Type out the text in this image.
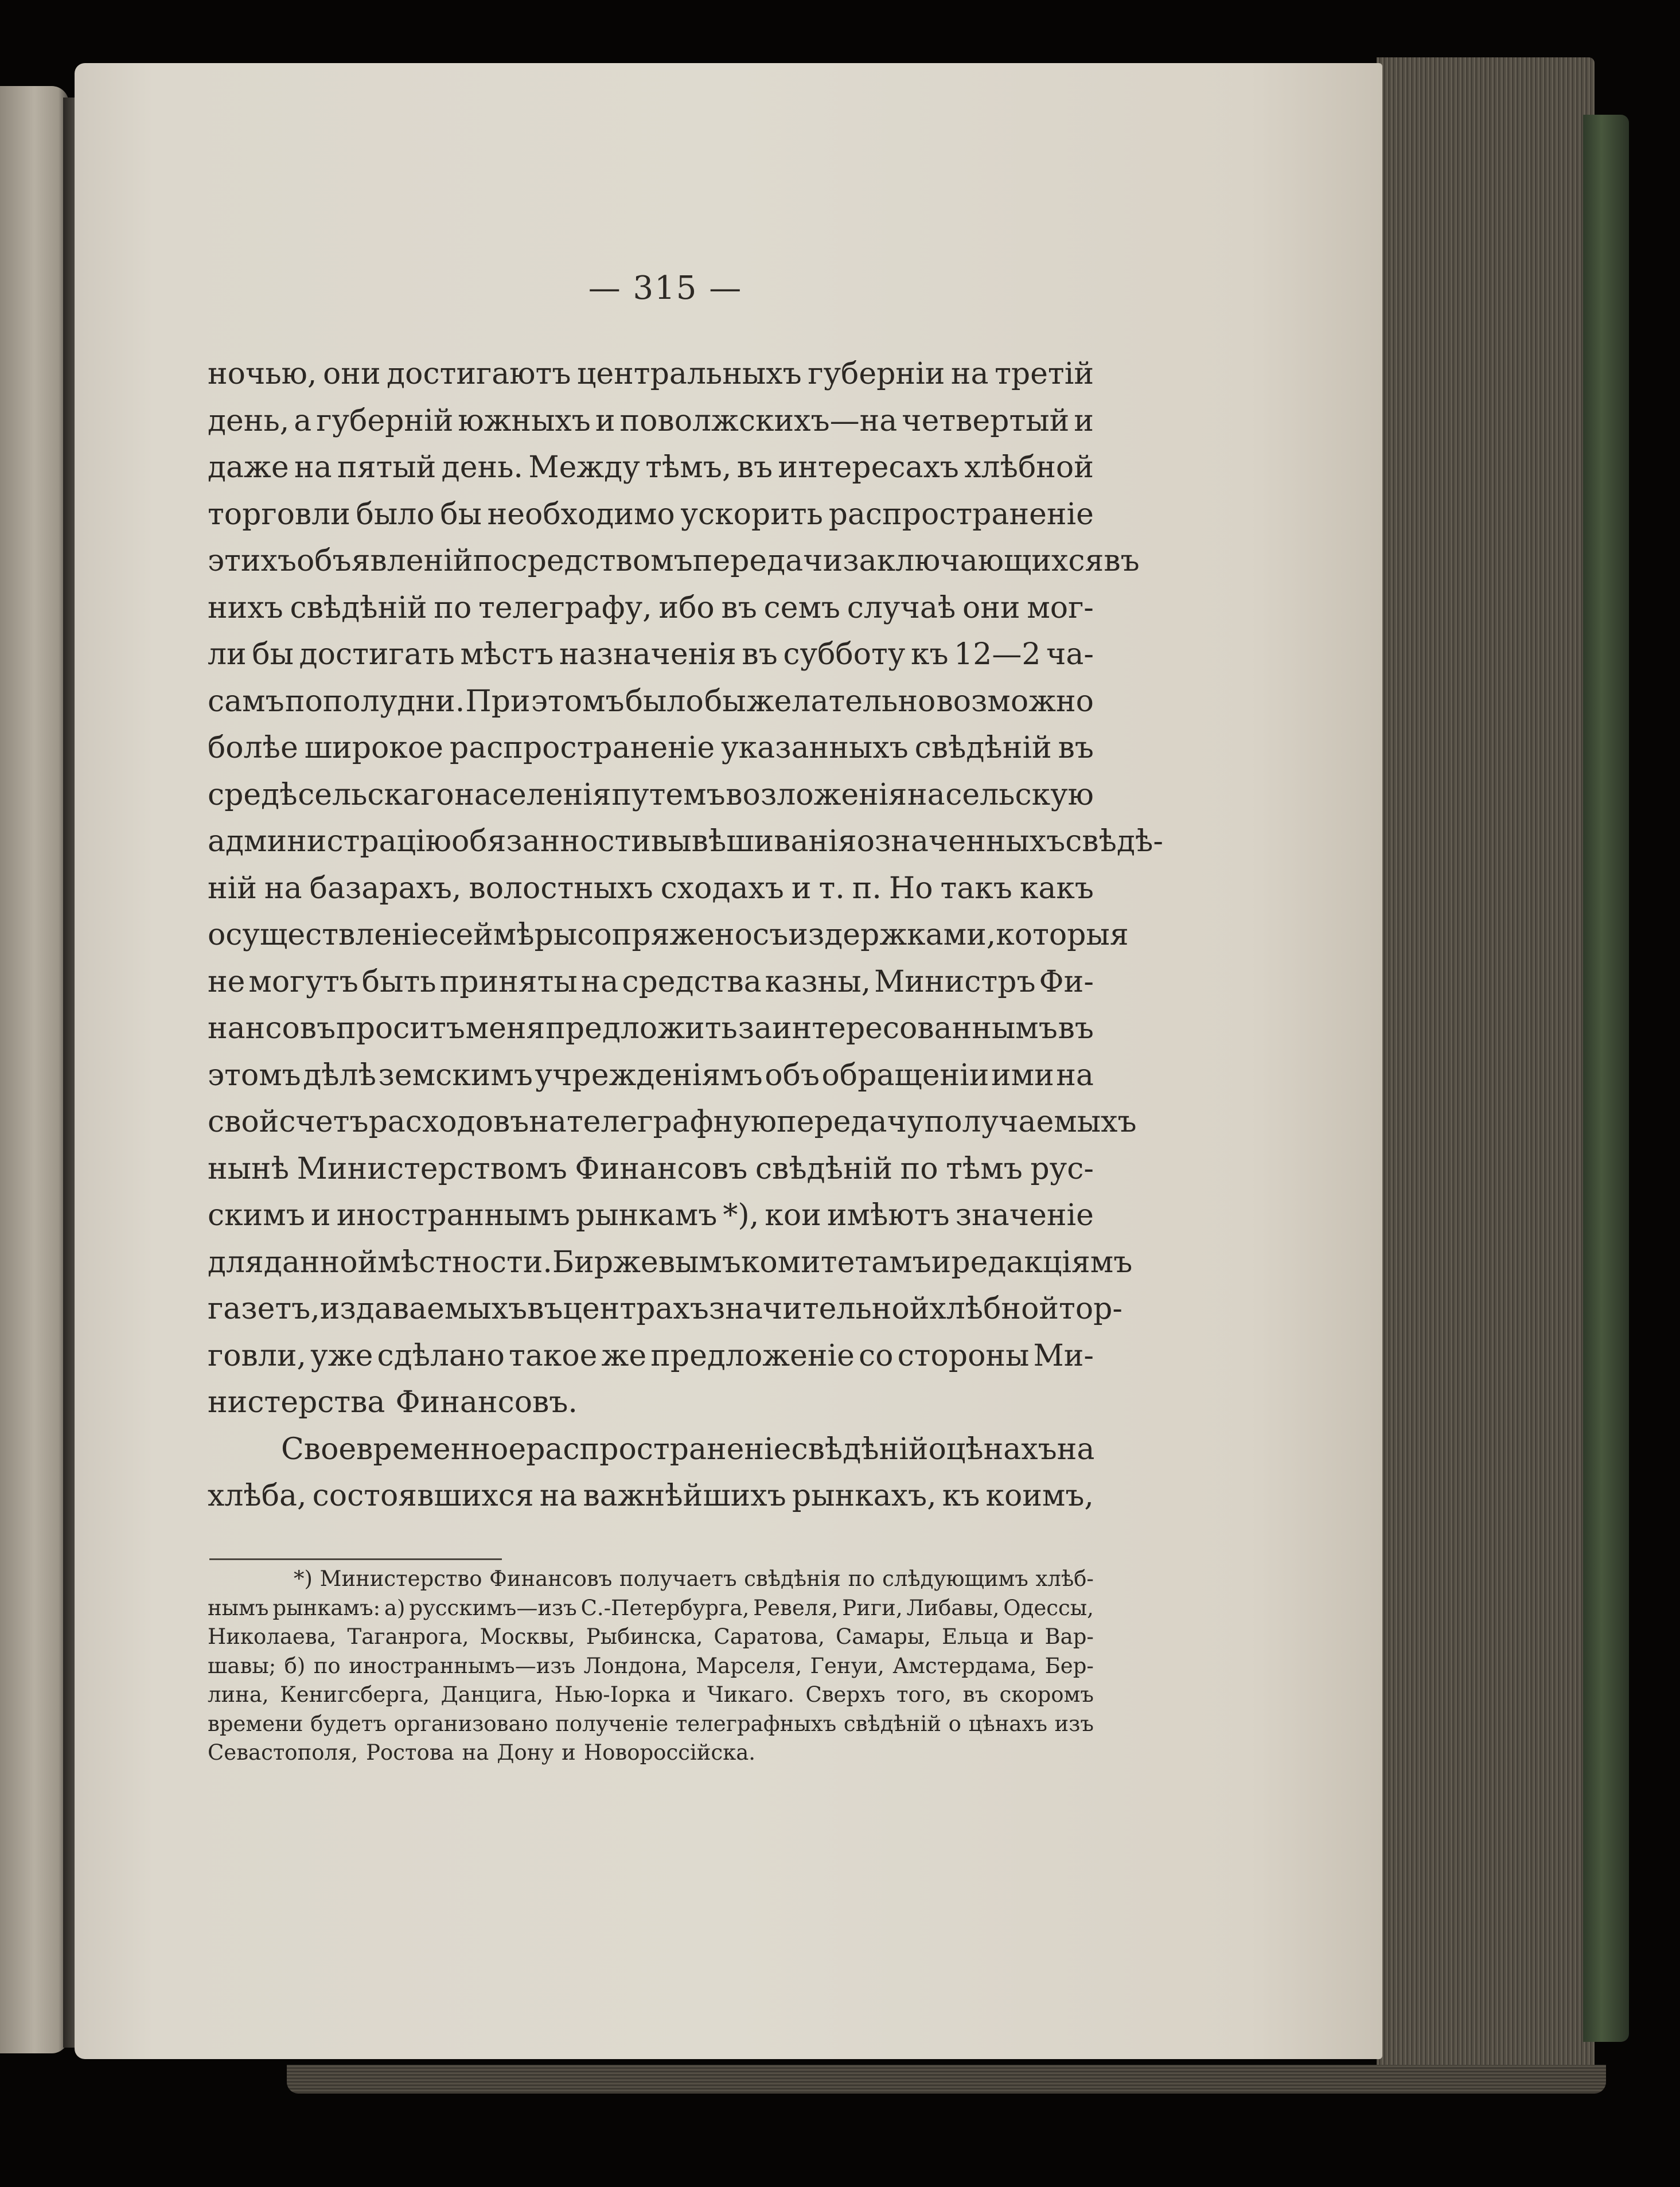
— 315 —
ночью, они достигаютъ центральныхъ губерніи на третій
день, а губерній южныхъ и поволжскихъ—на четвертый и
даже на пятый день. Между тѣмъ, въ интересахъ хлѣбной
торговли было бы необходимо ускорить распространеніе
этихъ объявленій посредствомъ передачи заключающихся въ
нихъ свѣдѣній по телеграфу, ибо въ семъ случаѣ они мог-
ли бы достигать мѣстъ назначенія въ субботу къ 12—2 ча-
самъ пополудни. При этомъ было бы желательно возможно
болѣе широкое распространеніе указанныхъ свѣдѣній въ
средѣ сельскаго населенія путемъ возложенія на сельскую
администрацію обязанности вывѣшиванія означенныхъ свѣдѣ-
ній на базарахъ, волостныхъ сходахъ и т. п. Но такъ какъ
осуществленіе сей мѣры сопряжено съ издержками, которыя
не могутъ быть приняты на средства казны, Министръ Фи-
нансовъ проситъ меня предложить заинтересованнымъ въ
этомъ дѣлѣ земскимъ учрежденіямъ объ обращеніи ими на
свой счетъ расходовъ на телеграфную передачу получаемыхъ
нынѣ Министерствомъ Финансовъ свѣдѣній по тѣмъ рус-
скимъ и иностраннымъ рынкамъ *), кои имѣютъ значеніе
для данной мѣстности. Биржевымъ комитетамъ и редакціямъ
газетъ, издаваемыхъ въ центрахъ значительной хлѣбной тор-
говли, уже сдѣлано такое же предложеніе со стороны Ми-
нистерства Финансовъ.
Своевременное распространеніе свѣдѣній о цѣнахъ на
хлѣба, состоявшихся на важнѣйшихъ рынкахъ, къ коимъ,
*) Министерство Финансовъ получаетъ свѣдѣнія по слѣдующимъ хлѣб-
нымъ рынкамъ: а) русскимъ—изъ С.-Петербурга, Ревеля, Риги, Либавы, Одессы,
Николаева, Таганрога, Москвы, Рыбинска, Саратова, Самары, Ельца и Вар-
шавы; б) по иностраннымъ—изъ Лондона, Марселя, Генуи, Амстердама, Бер-
лина, Кенигсберга, Данцига, Нью-Іорка и Чикаго. Сверхъ того, въ скоромъ
времени будетъ организовано полученіе телеграфныхъ свѣдѣній о цѣнахъ изъ
Севастополя, Ростова на Дону и Новороссійска.
